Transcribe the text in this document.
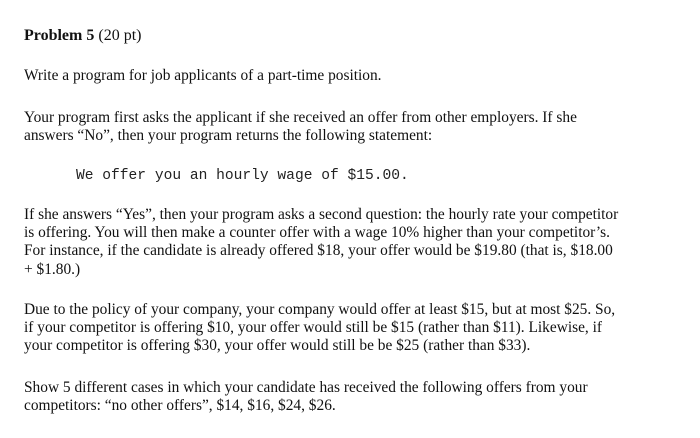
Problem 5 (20 pt)
Write a program for job applicants of a part-time position.
Your program first asks the applicant if she received an offer from other employers. If she
answers “No”, then your program returns the following statement:
We offer you an hourly wage of $15.00.
If she answers “Yes”, then your program asks a second question: the hourly rate your competitor
is offering. You will then make a counter offer with a wage 10% higher than your competitor’s.
For instance, if the candidate is already offered $18, your offer would be $19.80 (that is, $18.00
+ $1.80.)
Due to the policy of your company, your company would offer at least $15, but at most $25. So,
if your competitor is offering $10, your offer would still be $15 (rather than $11). Likewise, if
your competitor is offering $30, your offer would still be be $25 (rather than $33).
Show 5 different cases in which your candidate has received the following offers from your
competitors: “no other offers”, $14, $16, $24, $26.
